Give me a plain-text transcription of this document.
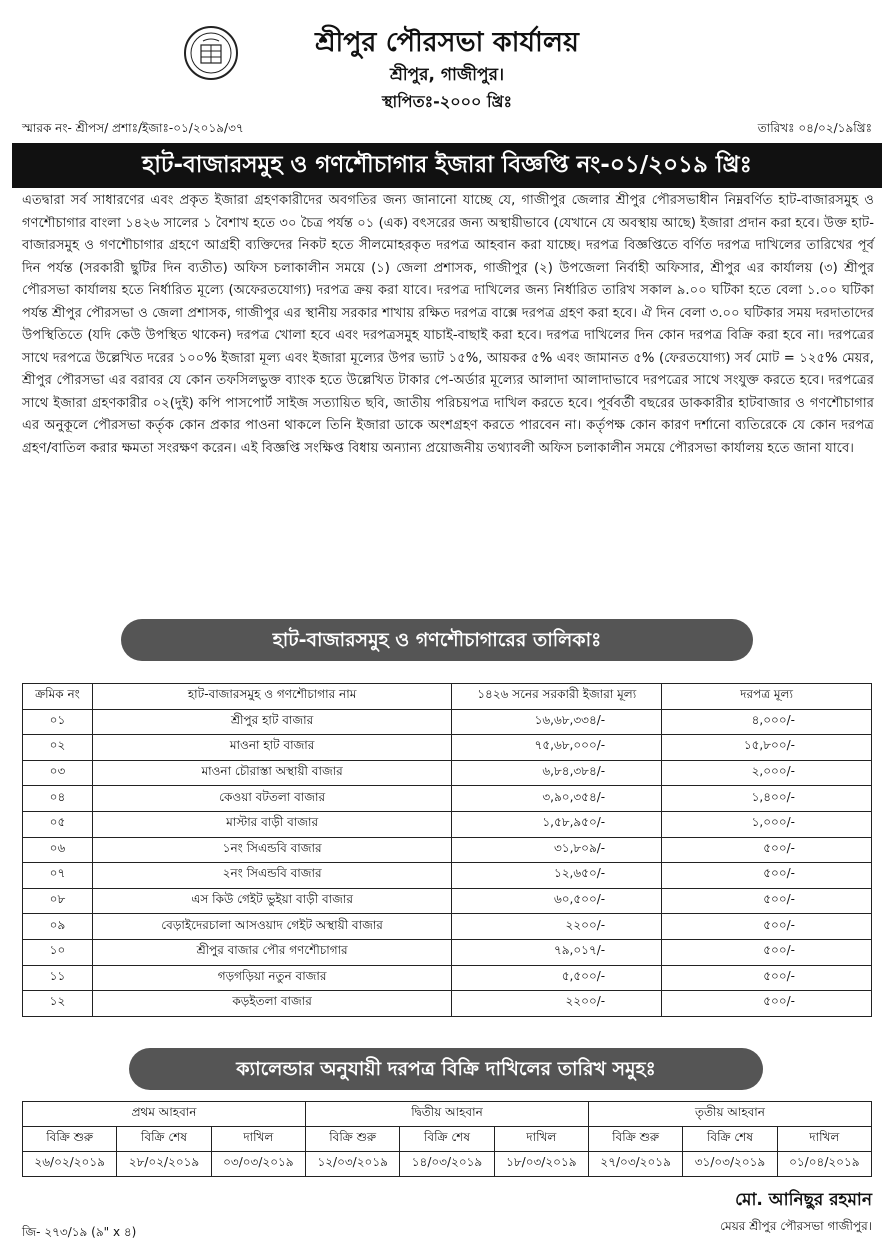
শ্রীপুর পৌরসভা কার্যালয়
শ্রীপুর, গাজীপুর।
স্থাপিতঃ-২০০০ খ্রিঃ
স্মারক নং- শ্রীপস/ প্রশাঃ/ইজাঃ-০১/২০১৯/৩৭	তারিখঃ ০৪/০২/১৯খ্রিঃ
হাট-বাজারসমুহ ও গণশৌচাগার ইজারা বিজ্ঞপ্তি নং-০১/২০১৯ খ্রিঃ
এতদ্বারা সর্ব সাধারণের এবং প্রকৃত ইজারা গ্রহণকারীদের অবগতির জন্য জানানো যাচ্ছে যে, গাজীপুর জেলার শ্রীপুর পৌরসভাধীন নিম্নবর্ণিত হাট-বাজারসমুহ ও গণশৌচাগার বাংলা ১৪২৬ সালের ১ বৈশাখ হতে ৩০ চৈত্র পর্যন্ত ০১ (এক) বৎসরের জন্য অস্থায়ীভাবে (যেখানে যে অবস্থায় আছে) ইজারা প্রদান করা হবে। উক্ত হাট-বাজারসমুহ ও গণশৌচাগার গ্রহণে আগ্রহী ব্যক্তিদের নিকট হতে সীলমোহরকৃত দরপত্র আহবান করা যাচ্ছে। দরপত্র বিজ্ঞপ্তিতে বর্ণিত দরপত্র দাখিলের তারিখের পূর্ব দিন পর্যন্ত (সরকারী ছুটির দিন ব্যতীত) অফিস চলাকালীন সময়ে (১) জেলা প্রশাসক, গাজীপুর (২) উপজেলা নির্বাহী অফিসার, শ্রীপুর এর কার্যালয় (৩) শ্রীপুর পৌরসভা কার্যালয় হতে নির্ধারিত মূল্যে (অফেরতযোগ্য) দরপত্র ক্রয় করা যাবে। দরপত্র দাখিলের জন্য নির্ধারিত তারিখ সকাল ৯.০০ ঘটিকা হতে বেলা ১.০০ ঘটিকা পর্যন্ত শ্রীপুর পৌরসভা ও জেলা প্রশাসক, গাজীপুর এর স্থানীয় সরকার শাখায় রক্ষিত দরপত্র বাক্সে দরপত্র গ্রহণ করা হবে। ঐ দিন বেলা ৩.০০ ঘটিকার সময় দরদাতাদের উপস্থিতিতে (যদি কেউ উপস্থিত থাকেন) দরপত্র খোলা হবে এবং দরপত্রসমুহ যাচাই-বাছাই করা হবে। দরপত্র দাখিলের দিন কোন দরপত্র বিক্রি করা হবে না। দরপত্রের সাথে দরপত্রে উল্লেখিত দরের ১০০% ইজারা মূল্য এবং ইজারা মূল্যের উপর ভ্যাট ১৫%, আয়কর ৫% এবং জামানত ৫% (ফেরতযোগ্য) সর্ব মোট = ১২৫% মেয়র, শ্রীপুর পৌরসভা এর বরাবর যে কোন তফসিলভুক্ত ব্যাংক হতে উল্লেখিত টাকার পে-অর্ডার মূল্যের আলাদা আলাদাভাবে দরপত্রের সাথে সংযুক্ত করতে হবে। দরপত্রের সাথে ইজারা গ্রহণকারীর ০২(দুই) কপি পাসপোর্ট সাইজ সত্যায়িত ছবি, জাতীয় পরিচয়পত্র দাখিল করতে হবে। পূর্ববর্তী বছরের ডাককারীর হাটবাজার ও গণশৌচাগার এর অনুকূলে পৌরসভা কর্তৃক কোন প্রকার পাওনা থাকলে তিনি ইজারা ডাকে অংশগ্রহণ করতে পারবেন না। কর্তৃপক্ষ কোন কারণ দর্শানো ব্যতিরেকে যে কোন দরপত্র গ্রহণ/বাতিল করার ক্ষমতা সংরক্ষণ করেন। এই বিজ্ঞপ্তি সংক্ষিপ্ত বিধায় অন্যান্য প্রয়োজনীয় তথ্যাবলী অফিস চলাকালীন সময়ে পৌরসভা কার্যালয় হতে জানা যাবে।
হাট-বাজারসমুহ ও গণশৌচাগারের তালিকাঃ
ক্রমিক নং	হাট-বাজারসমুহ ও গণশৌচাগার নাম	১৪২৬ সনের সরকারী ইজারা মূল্য	দরপত্র মূল্য
০১	শ্রীপুর হাট বাজার	১৬,৬৮,৩৩৪/-	৪,০০০/-
০২	মাওনা হাট বাজার	৭৫,৬৮,০০০/-	১৫,৮০০/-
০৩	মাওনা চৌরাস্তা অস্থায়ী বাজার	৬,৮৪,৩৮৪/-	২,০০০/-
০৪	কেওয়া বটতলা বাজার	৩,৯০,৩৫৪/-	১,৪০০/-
০৫	মাস্টার বাড়ী বাজার	১,৫৮,৯৫০/-	১,০০০/-
০৬	১নং সিএন্ডবি বাজার	৩১,৮০৯/-	৫০০/-
০৭	২নং সিএন্ডবি বাজার	১২,৬৫০/-	৫০০/-
০৮	এস কিউ গেইট ভুইয়া বাড়ী বাজার	৬০,৫০০/-	৫০০/-
০৯	বেড়াইদেরচালা আসওয়াদ গেইট অস্থায়ী বাজার	২২০০/-	৫০০/-
১০	শ্রীপুর বাজার পৌর গণশৌচাগার	৭৯,০১৭/-	৫০০/-
১১	গড়গড়িয়া নতুন বাজার	৫,৫০০/-	৫০০/-
১২	কড়ইতলা বাজার	২২০০/-	৫০০/-
ক্যালেন্ডার অনুযায়ী দরপত্র বিক্রি দাখিলের তারিখ সমুহঃ
প্রথম আহবান			দ্বিতীয় আহবান			তৃতীয় আহবান		
বিক্রি শুরু	বিক্রি শেষ	দাখিল	বিক্রি শুরু	বিক্রি শেষ	দাখিল	বিক্রি শুরু	বিক্রি শেষ	দাখিল
২৬/০২/২০১৯	২৮/০২/২০১৯	০৩/০৩/২০১৯	১২/০৩/২০১৯	১৪/০৩/২০১৯	১৮/০৩/২০১৯	২৭/০৩/২০১৯	৩১/০৩/২০১৯	০১/০৪/২০১৯
জি- ২৭৩/১৯ (৯" x ৪)
মো. আনিছুর রহমান
মেয়র শ্রীপুর পৌরসভা গাজীপুর।
